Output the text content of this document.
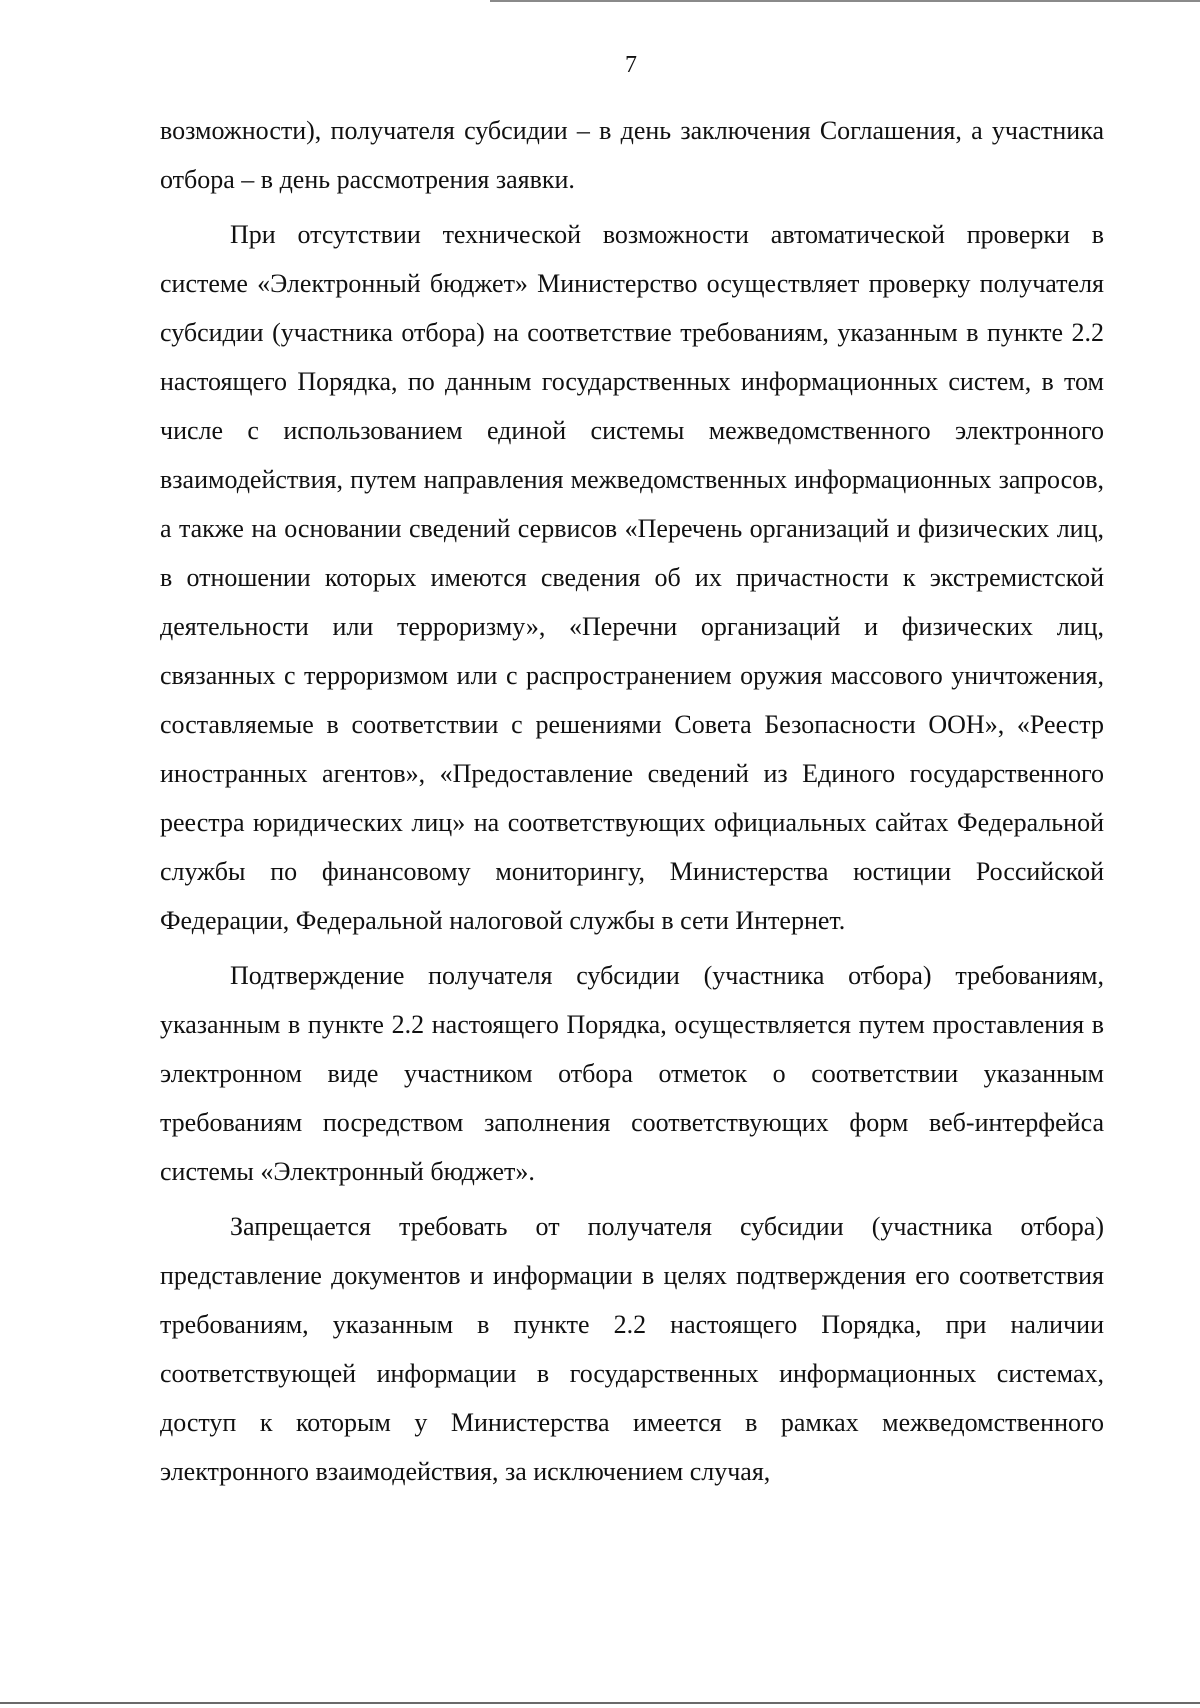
7

возможности), получателя субсидии – в день заключения Соглашения, а участника отбора – в день рассмотрения заявки.

При отсутствии технической возможности автоматической проверки в системе «Электронный бюджет» Министерство осуществляет проверку получателя субсидии (участника отбора) на соответствие требованиям, указанным в пункте 2.2 настоящего Порядка, по данным государственных информационных систем, в том числе с использованием единой системы межведомственного электронного взаимодействия, путем направления межведомственных информационных запросов, а также на основании сведений сервисов «Перечень организаций и физических лиц, в отношении которых имеются сведения об их причастности к экстремистской деятельности или терроризму», «Перечни организаций и физических лиц, связанных с терроризмом или с распространением оружия массового уничтожения, составляемые в соответствии с решениями Совета Безопасности ООН», «Реестр иностранных агентов», «Предоставление сведений из Единого государственного реестра юридических лиц» на соответствующих официальных сайтах Федеральной службы по финансовому мониторингу, Министерства юстиции Российской Федерации, Федеральной налоговой службы в сети Интернет.

Подтверждение получателя субсидии (участника отбора) требованиям, указанным в пункте 2.2 настоящего Порядка, осуществляется путем проставления в электронном виде участником отбора отметок о соответствии указанным требованиям посредством заполнения соответствующих форм веб-интерфейса системы «Электронный бюджет».

Запрещается требовать от получателя субсидии (участника отбора) представление документов и информации в целях подтверждения его соответствия требованиям, указанным в пункте 2.2 настоящего Порядка, при наличии соответствующей информации в государственных информационных системах, доступ к которым у Министерства имеется в рамках межведомственного электронного взаимодействия, за исключением случая,
